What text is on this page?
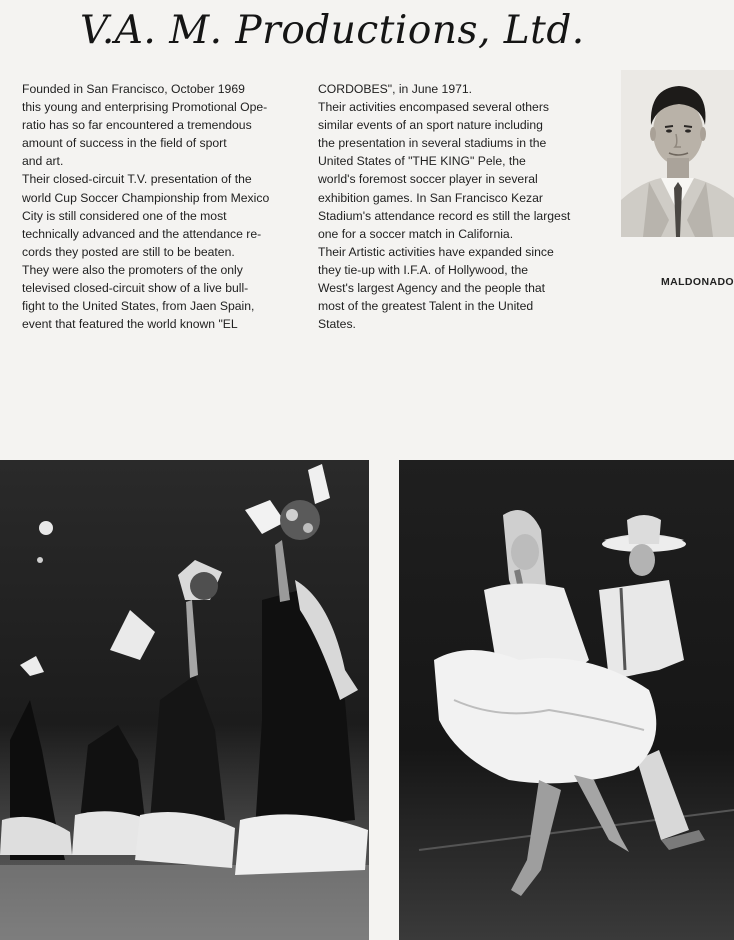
V.A. M. Productions, Ltd.

Founded in San Francisco, October 1969

this young and enterprising Promotional Ope-

ratio has so far encountered a tremendous

amount of success in the field of sport

and art.

Their closed-circuit T.V. presentation of the

world Cup Soccer Championship from Mexico

City is still considered one of the most

technically advanced and the attendance re-

cords they posted are still to be beaten.

They were also the promoters of the only

televised closed-circuit show of a live bull-

fight to the United States, from Jaen Spain,

event that featured the world known "EL

CORDOBES", in June 1971.

Their activities encompased several others

similar events of an sport nature including

the presentation in several stadiums in the

United States of "THE KING" Pele, the

world's foremost soccer player in several

exhibition games. In San Francisco Kezar

Stadium's attendance record es still the largest

one for a soccer match in California.

Their Artistic activities have expanded since

they tie-up with I.F.A. of Hollywood, the

West's largest Agency and the people that

most of the greatest Talent in the United

States.

MALDONADO
